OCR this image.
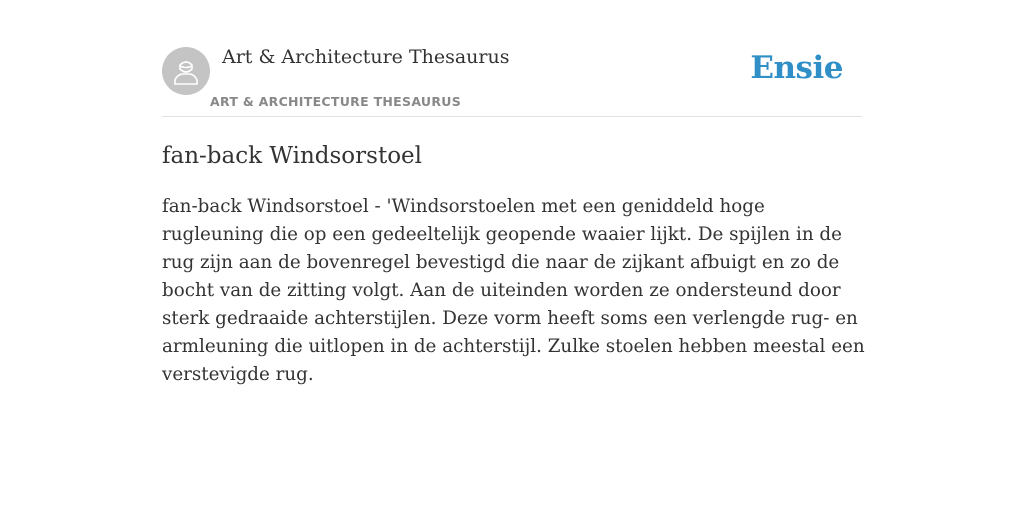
Art & Architecture Thesaurus
ART & ARCHITECTURE THESAURUS
Ensie
fan-back Windsorstoel

fan-back Windsorstoel - 'Windsorstoelen met een geniddeld hoge rugleuning die op een gedeeltelijk geopende waaier lijkt. De spijlen in de rug zijn aan de bovenregel bevestigd die naar de zijkant afbuigt en zo de bocht van de zitting volgt. Aan de uiteinden worden ze ondersteund door sterk gedraaide achterstijlen. Deze vorm heeft soms een verlengde rug- en armleuning die uitlopen in de achterstijl. Zulke stoelen hebben meestal een verstevigde rug.
